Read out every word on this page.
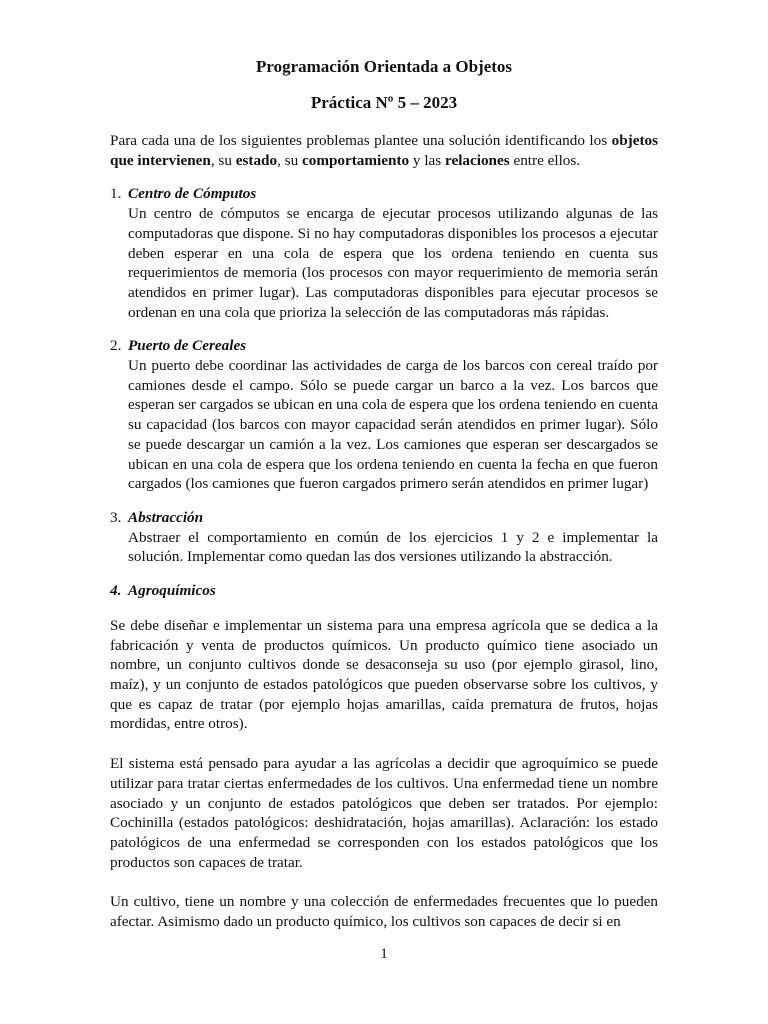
Programación Orientada a Objetos

Práctica Nº 5 – 2023

Para cada una de los siguientes problemas plantee una solución identificando los objetos que intervienen, su estado, su comportamiento y las relaciones entre ellos.

1. Centro de Cómputos

Un centro de cómputos se encarga de ejecutar procesos utilizando algunas de las computadoras que dispone. Si no hay computadoras disponibles los procesos a ejecutar deben esperar en una cola de espera que los ordena teniendo en cuenta sus requerimientos de memoria (los procesos con mayor requerimiento de memoria serán atendidos en primer lugar). Las computadoras disponibles para ejecutar procesos se ordenan en una cola que prioriza la selección de las computadoras más rápidas.

2. Puerto de Cereales

Un puerto debe coordinar las actividades de carga de los barcos con cereal traído por camiones desde el campo. Sólo se puede cargar un barco a la vez. Los barcos que esperan ser cargados se ubican en una cola de espera que los ordena teniendo en cuenta su capacidad (los barcos con mayor capacidad serán atendidos en primer lugar). Sólo se puede descargar un camión a la vez. Los camiones que esperan ser descargados se ubican en una cola de espera que los ordena teniendo en cuenta la fecha en que fueron cargados (los camiones que fueron cargados primero serán atendidos en primer lugar)

3. Abstracción

Abstraer el comportamiento en común de los ejercicios 1 y 2 e implementar la solución. Implementar como quedan las dos versiones utilizando la abstracción.

4. Agroquímicos

Se debe diseñar e implementar un sistema para una empresa agrícola que se dedica a la fabricación y venta de productos químicos. Un producto químico tiene asociado un nombre, un conjunto cultivos donde se desaconseja su uso (por ejemplo girasol, lino, maíz), y un conjunto de estados patológicos que pueden observarse sobre los cultivos, y que es capaz de tratar (por ejemplo hojas amarillas, caída prematura de frutos, hojas mordidas, entre otros).

El sistema está pensado para ayudar a las agrícolas a decidir que agroquímico se puede utilizar para tratar ciertas enfermedades de los cultivos. Una enfermedad tiene un nombre asociado y un conjunto de estados patológicos que deben ser tratados. Por ejemplo: Cochinilla (estados patológicos: deshidratación, hojas amarillas). Aclaración: los estado patológicos de una enfermedad se corresponden con los estados patológicos que los productos son capaces de tratar.

Un cultivo, tiene un nombre y una colección de enfermedades frecuentes que lo pueden afectar. Asimismo dado un producto químico, los cultivos son capaces de decir si en

1
